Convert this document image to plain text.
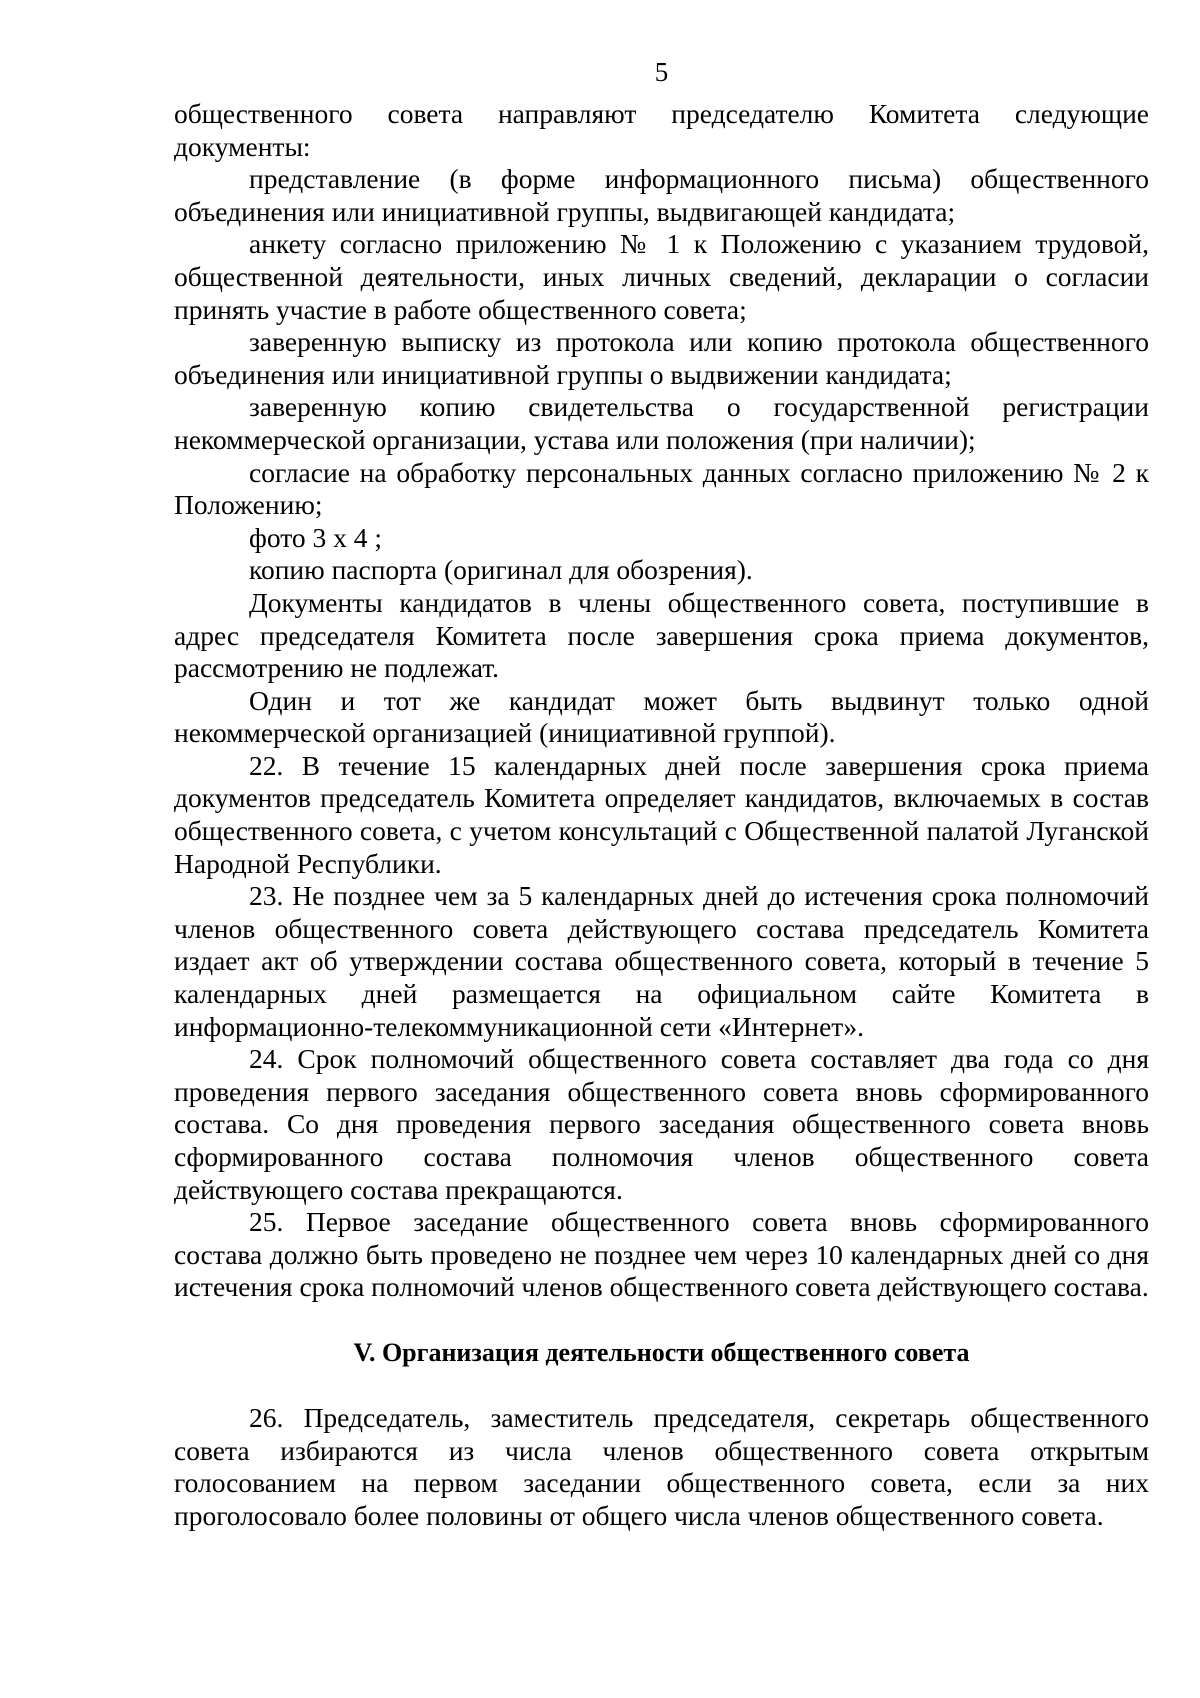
5

общественного совета направляют председателю Комитета следующие документы:

представление (в форме информационного письма) общественного объединения или инициативной группы, выдвигающей кандидата;

анкету согласно приложению № 1 к Положению с указанием трудовой, общественной деятельности, иных личных сведений, декларации о согласии принять участие в работе общественного совета;

заверенную выписку из протокола или копию протокола общественного объединения или инициативной группы о выдвижении кандидата;

заверенную копию свидетельства о государственной регистрации некоммерческой организации, устава или положения (при наличии);

согласие на обработку персональных данных согласно приложению № 2 к Положению;

фото 3 х 4 ;

копию паспорта (оригинал для обозрения).

Документы кандидатов в члены общественного совета, поступившие в адрес председателя Комитета после завершения срока приема документов, рассмотрению не подлежат.

Один и тот же кандидат может быть выдвинут только одной некоммерческой организацией (инициативной группой).

22. В течение 15 календарных дней после завершения срока приема документов председатель Комитета определяет кандидатов, включаемых в состав общественного совета, с учетом консультаций с Общественной палатой Луганской Народной Республики.

23. Не позднее чем за 5 календарных дней до истечения срока полномочий членов общественного совета действующего состава председатель Комитета издает акт об утверждении состава общественного совета, который в течение 5 календарных дней размещается на официальном сайте Комитета в информационно-телекоммуникационной сети «Интернет».

24. Срок полномочий общественного совета составляет два года со дня проведения первого заседания общественного совета вновь сформированного состава. Со дня проведения первого заседания общественного совета вновь сформированного состава полномочия членов общественного совета действующего состава прекращаются.

25. Первое заседание общественного совета вновь сформированного состава должно быть проведено не позднее чем через 10 календарных дней со дня истечения срока полномочий членов общественного совета действующего состава.

V. Организация деятельности общественного совета

26. Председатель, заместитель председателя, секретарь общественного совета избираются из числа членов общественного совета открытым голосованием на первом заседании общественного совета, если за них проголосовало более половины от общего числа членов общественного совета.
